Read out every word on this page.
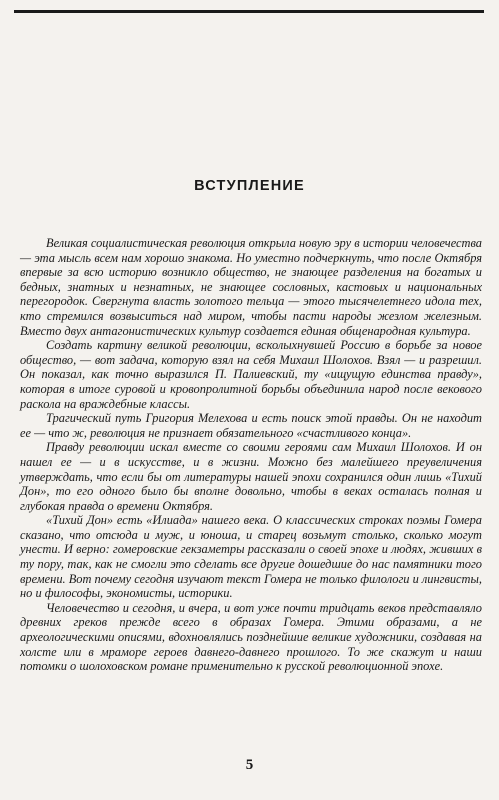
ВСТУПЛЕНИЕ

Великая социалистическая революция открыла новую эру в истории человечества — эта мысль всем нам хорошо знакома. Но уместно подчеркнуть, что после Октября впервые за всю историю возникло общество, не знающее разделения на богатых и бедных, знатных и незнатных, не знающее сословных, кастовых и национальных перегородок. Свергнута власть золотого тельца — этого тысячелетнего идола тех, кто стремился возвыситься над миром, чтобы пасти народы жезлом железным. Вместо двух антагонистических культур создается единая общенародная культура.

Создать картину великой революции, всколыхнувшей Россию в борьбе за новое общество, — вот задача, которую взял на себя Михаил Шолохов. Взял — и разрешил. Он показал, как точно выразился П. Палиевский, ту «ищущую единства правду», которая в итоге суровой и кровопролитной борьбы объединила народ после векового раскола на враждебные классы.

Трагический путь Григория Мелехова и есть поиск этой правды. Он не находит ее — что ж, революция не признает обязательного «счастливого конца».

Правду революции искал вместе со своими героями сам Михаил Шолохов. И он нашел ее — и в искусстве, и в жизни. Можно без малейшего преувеличения утверждать, что если бы от литературы нашей эпохи сохранился один лишь «Тихий Дон», то его одного было бы вполне довольно, чтобы в веках осталась полная и глубокая правда о времени Октября.

«Тихий Дон» есть «Илиада» нашего века. О классических строках поэмы Гомера сказано, что отсюда и муж, и юноша, и старец возьмут столько, сколько могут унести. И верно: гомеровские гекзаметры рассказали о своей эпохе и людях, живших в ту пору, так, как не смогли это сделать все другие дошедшие до нас памятники того времени. Вот почему сегодня изучают текст Гомера не только филологи и лингвисты, но и философы, экономисты, историки.

Человечество и сегодня, и вчера, и вот уже почти тридцать веков представляло древних греков прежде всего в образах Гомера. Этими образами, а не археологическими описями, вдохновлялись позднейшие великие художники, создавая на холсте или в мраморе героев давнего-давнего прошлого. То же скажут и наши потомки о шолоховском романе применительно к русской революционной эпохе.

5
